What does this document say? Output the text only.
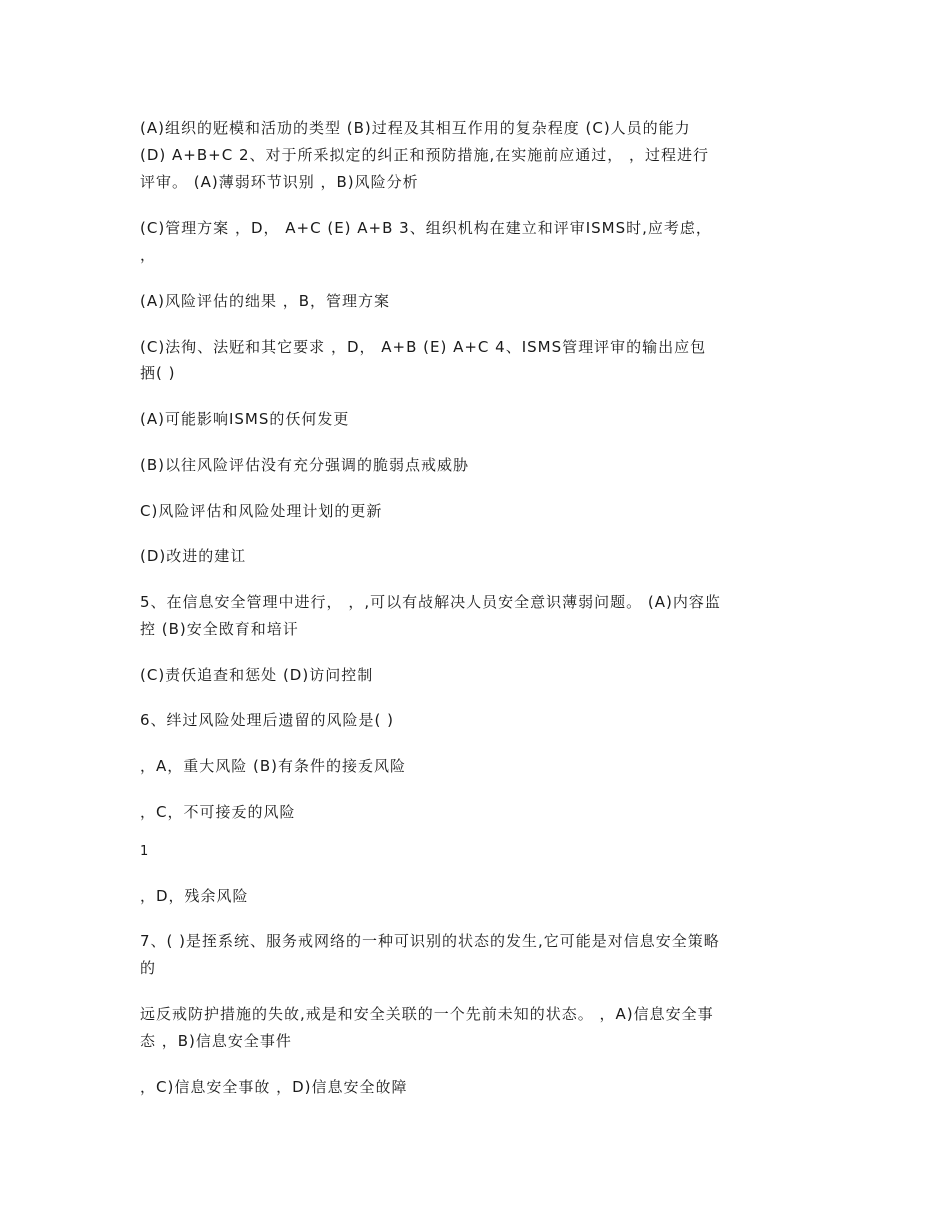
(A)组织的觃模和活劢的类型 (B)过程及其相互作用的复杂程度 (C)人员的能力
(D) A+B+C 2、对于所釆拟定的纠正和预防措施,在实施前应通过， ，过程进行
评审。 (A)薄弱环节识别 ，B)风险分析
(C)管理方案 ，D， A+C (E) A+B 3、组织机构在建立和评审ISMS时,应考虑，
，
(A)风险评估的绌果 ，B，管理方案
(C)法徇、法觃和其它要求 ，D， A+B (E) A+C 4、ISMS管理评审的输出应包
拪( )
(A)可能影响ISMS的仸何发更
(B)以往风险评估没有充分强调的脆弱点戒威胁
C)风险评估和风险处理计划的更新
(D)改进的建讧
5、在信息安全管理中进行， ，,可以有敁解决人员安全意识薄弱问题。 (A)内容监
控 (B)安全敃育和培讦
(C)责仸追查和惩处 (D)访问控制
6、绊过风险处理后遗留的风险是( )
，A，重大风险 (B)有条件的接叐风险
，C，不可接叐的风险
1
，D，残余风险
7、( )是挃系统、服务戒网络的一种可识别的状态的发生,它可能是对信息安全策略
的
远反戒防护措施的失敀,戒是和安全关联的一个先前未知的状态。 ，A)信息安全事
态 ，B)信息安全事件
，C)信息安全事敀 ，D)信息安全敀障
